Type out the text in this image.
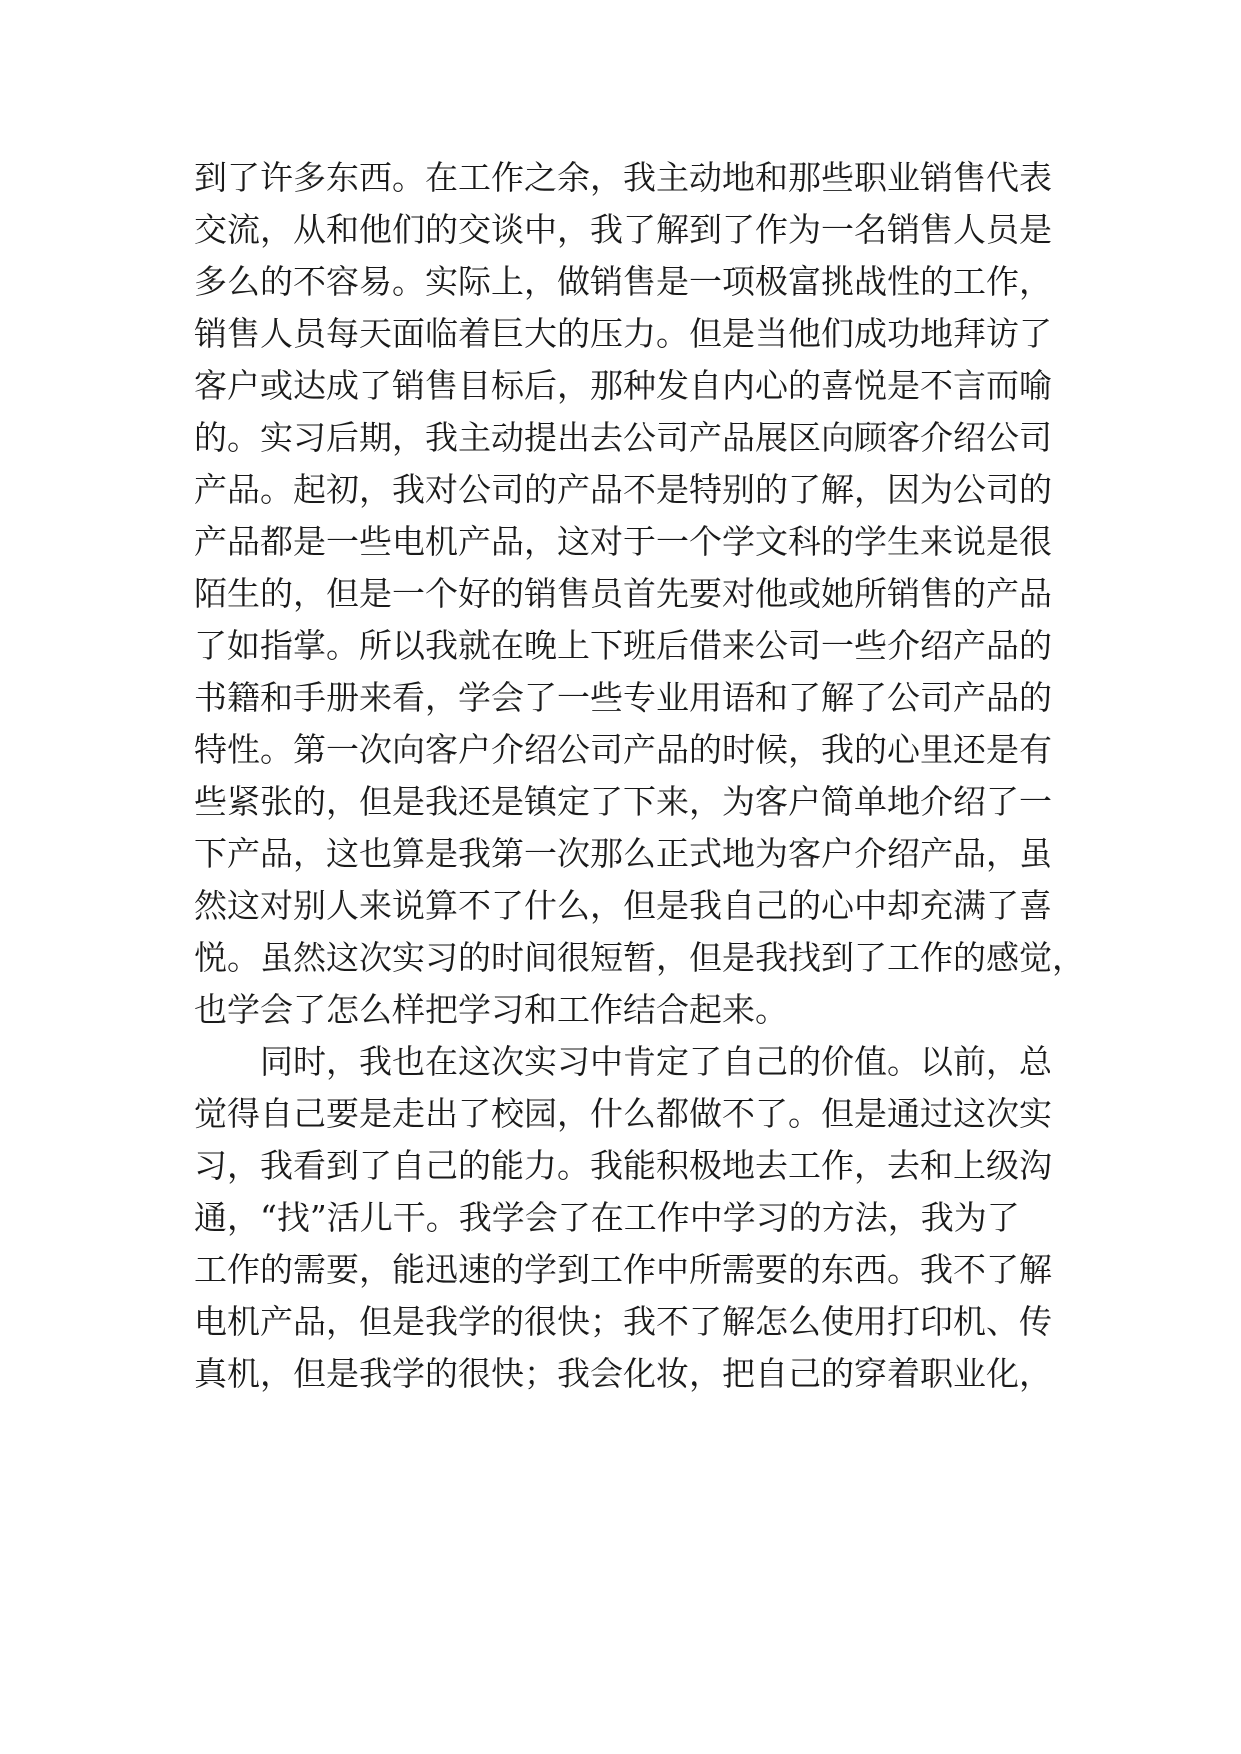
到了许多东西。在工作之余，我主动地和那些职业销售代表
交流，从和他们的交谈中，我了解到了作为一名销售人员是
多么的不容易。实际上，做销售是一项极富挑战性的工作，
销售人员每天面临着巨大的压力。但是当他们成功地拜访了
客户或达成了销售目标后，那种发自内心的喜悦是不言而喻
的。实习后期，我主动提出去公司产品展区向顾客介绍公司
产品。起初，我对公司的产品不是特别的了解，因为公司的
产品都是一些电机产品，这对于一个学文科的学生来说是很
陌生的，但是一个好的销售员首先要对他或她所销售的产品
了如指掌。所以我就在晚上下班后借来公司一些介绍产品的
书籍和手册来看，学会了一些专业用语和了解了公司产品的
特性。第一次向客户介绍公司产品的时候，我的心里还是有
些紧张的，但是我还是镇定了下来，为客户简单地介绍了一
下产品，这也算是我第一次那么正式地为客户介绍产品，虽
然这对别人来说算不了什么，但是我自己的心中却充满了喜
悦。虽然这次实习的时间很短暂，但是我找到了工作的感觉，
也学会了怎么样把学习和工作结合起来。
同时，我也在这次实习中肯定了自己的价值。以前，总
觉得自己要是走出了校园，什么都做不了。但是通过这次实
习，我看到了自己的能力。我能积极地去工作，去和上级沟
通，“找”活儿干。我学会了在工作中学习的方法，我为了
工作的需要，能迅速的学到工作中所需要的东西。我不了解
电机产品，但是我学的很快；我不了解怎么使用打印机、传
真机，但是我学的很快；我会化妆，把自己的穿着职业化，
